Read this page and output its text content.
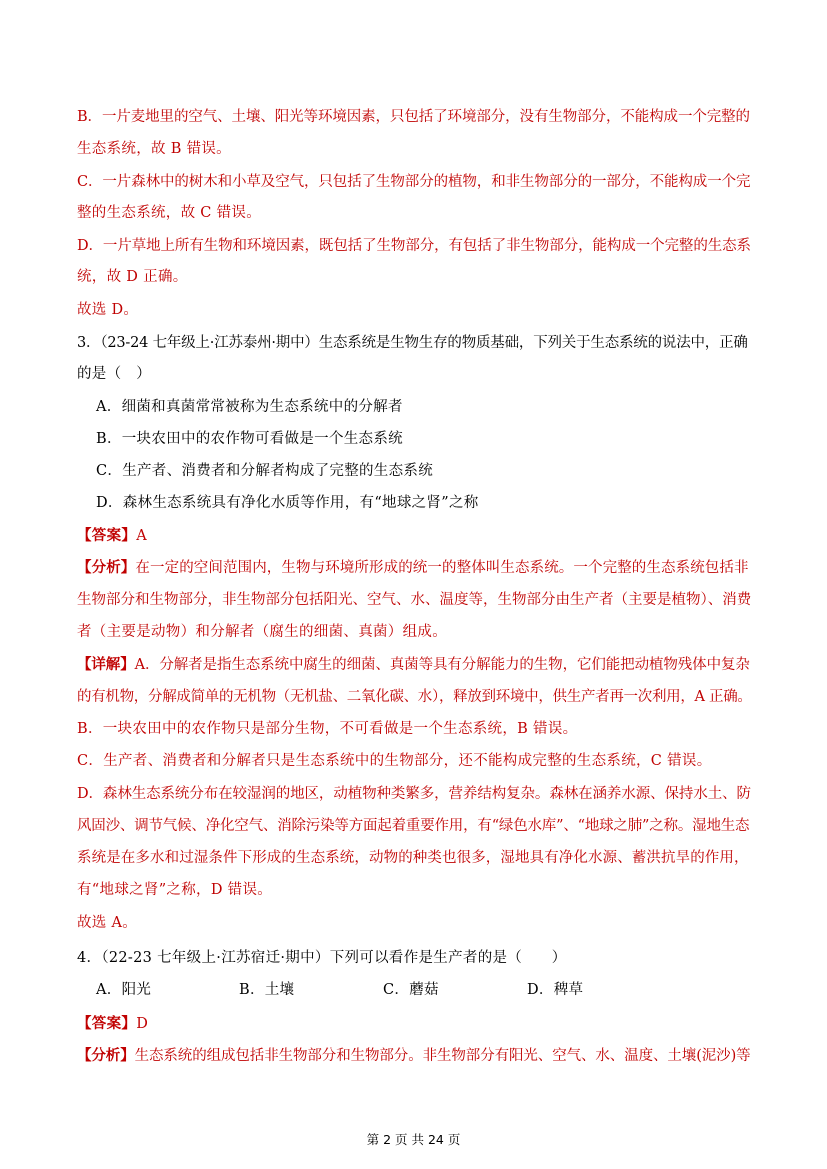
B．一片麦地里的空气、土壤、阳光等环境因素，只包括了环境部分，没有生物部分，不能构成一个完整的
生态系统，故 B 错误。
C．一片森林中的树木和小草及空气，只包括了生物部分的植物，和非生物部分的一部分，不能构成一个完
整的生态系统，故 C 错误。
D．一片草地上所有生物和环境因素，既包括了生物部分，有包括了非生物部分，能构成一个完整的生态系
统，故 D 正确。
故选 D。
3．（23-24 七年级上·江苏泰州·期中）生态系统是生物生存的物质基础，下列关于生态系统的说法中，正确
的是（　）
A．细菌和真菌常常被称为生态系统中的分解者
B．一块农田中的农作物可看做是一个生态系统
C．生产者、消费者和分解者构成了完整的生态系统
D．森林生态系统具有净化水质等作用，有“地球之肾”之称
【答案】A
【分析】在一定的空间范围内，生物与环境所形成的统一的整体叫生态系统。一个完整的生态系统包括非
生物部分和生物部分，非生物部分包括阳光、空气、水、温度等，生物部分由生产者（主要是植物）、消费
者（主要是动物）和分解者（腐生的细菌、真菌）组成。
【详解】A．分解者是指生态系统中腐生的细菌、真菌等具有分解能力的生物，它们能把动植物残体中复杂
的有机物，分解成简单的无机物（无机盐、二氧化碳、水），释放到环境中，供生产者再一次利用，A 正确。
B．一块农田中的农作物只是部分生物，不可看做是一个生态系统，B 错误。
C．生产者、消费者和分解者只是生态系统中的生物部分，还不能构成完整的生态系统，C 错误。
D．森林生态系统分布在较湿润的地区，动植物种类繁多，营养结构复杂。森林在涵养水源、保持水土、防
风固沙、调节气候、净化空气、消除污染等方面起着重要作用，有“绿色水库”、“地球之肺”之称。湿地生态
系统是在多水和过湿条件下形成的生态系统，动物的种类也很多，湿地具有净化水源、蓄洪抗旱的作用，
有“地球之肾”之称，D 错误。
故选 A。
4．（22-23 七年级上·江苏宿迁·期中）下列可以看作是生产者的是（　　）
A．阳光	B．土壤	C．蘑菇	D．稗草
【答案】D
【分析】生态系统的组成包括非生物部分和生物部分。非生物部分有阳光、空气、水、温度、土壤(泥沙)等
第 2 页 共 24 页
